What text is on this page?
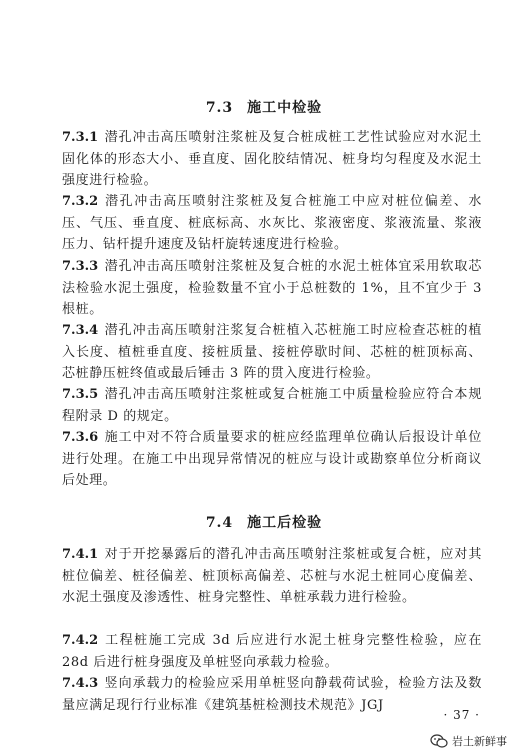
7.3 施工中检验
7.3.1 潜孔冲击高压喷射注浆桩及复合桩成桩工艺性试验应对水泥土固化体的形态大小、垂直度、固化胶结情况、桩身均匀程度及水泥土强度进行检验。
7.3.2 潜孔冲击高压喷射注浆桩及复合桩施工中应对桩位偏差、水压、气压、垂直度、桩底标高、水灰比、浆液密度、浆液流量、浆液压力、钻杆提升速度及钻杆旋转速度进行检验。
7.3.3 潜孔冲击高压喷射注浆桩及复合桩的水泥土桩体宜采用软取芯法检验水泥土强度，检验数量不宜小于总桩数的 1%，且不宜少于 3 根桩。
7.3.4 潜孔冲击高压喷射注浆复合桩植入芯桩施工时应检查芯桩的植入长度、植桩垂直度、接桩质量、接桩停歇时间、芯桩的桩顶标高、芯桩静压桩终值或最后锤击 3 阵的贯入度进行检验。
7.3.5 潜孔冲击高压喷射注浆桩或复合桩施工中质量检验应符合本规程附录 D 的规定。
7.3.6 施工中对不符合质量要求的桩应经监理单位确认后报设计单位进行处理。在施工中出现异常情况的桩应与设计或勘察单位分析商议后处理。
7.4 施工后检验
7.4.1 对于开挖暴露后的潜孔冲击高压喷射注浆桩或复合桩，应对其桩位偏差、桩径偏差、桩顶标高偏差、芯桩与水泥土桩同心度偏差、水泥土强度及渗透性、桩身完整性、单桩承载力进行检验。
7.4.2 工程桩施工完成 3d 后应进行水泥土桩身完整性检验，应在 28d 后进行桩身强度及单桩竖向承载力检验。
7.4.3 竖向承载力的检验应采用单桩竖向静载荷试验，检验方法及数量应满足现行行业标准《建筑基桩检测技术规范》JGJ
· 37 ·
岩土新鲜事
